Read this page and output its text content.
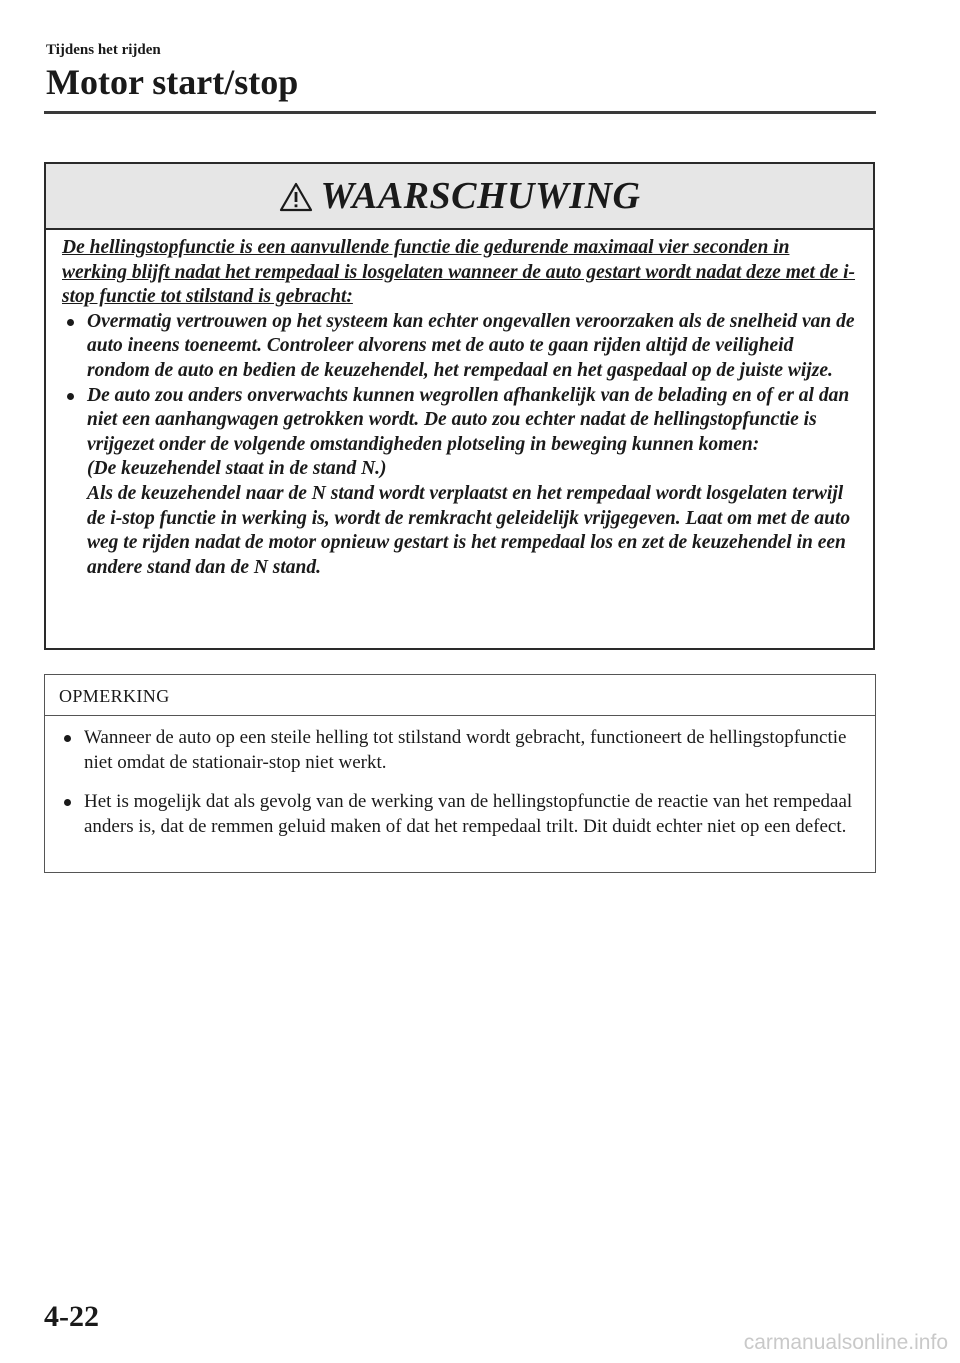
Tijdens het rijden
Motor start/stop
WAARSCHUWING

De hellingstopfunctie is een aanvullende functie die gedurende maximaal vier seconden in werking blijft nadat het rempedaal is losgelaten wanneer de auto gestart wordt nadat deze met de i-stop functie tot stilstand is gebracht:

Overmatig vertrouwen op het systeem kan echter ongevallen veroorzaken als de snelheid van de auto ineens toeneemt. Controleer alvorens met de auto te gaan rijden altijd de veiligheid rondom de auto en bedien de keuzehendel, het rempedaal en het gaspedaal op de juiste wijze.
De auto zou anders onverwachts kunnen wegrollen afhankelijk van de belading en of er al dan niet een aanhangwagen getrokken wordt. De auto zou echter nadat de hellingstopfunctie is vrijgezet onder de volgende omstandigheden plotseling in beweging kunnen komen:
(De keuzehendel staat in de stand N.)
Als de keuzehendel naar de N stand wordt verplaatst en het rempedaal wordt losgelaten terwijl de i-stop functie in werking is, wordt de remkracht geleidelijk vrijgegeven. Laat om met de auto weg te rijden nadat de motor opnieuw gestart is het rempedaal los en zet de keuzehendel in een andere stand dan de N stand.
OPMERKING
Wanneer de auto op een steile helling tot stilstand wordt gebracht, functioneert de hellingstopfunctie niet omdat de stationair-stop niet werkt.
Het is mogelijk dat als gevolg van de werking van de hellingstopfunctie de reactie van het rempedaal anders is, dat de remmen geluid maken of dat het rempedaal trilt. Dit duidt echter niet op een defect.
4-22
carmanualsonline.info
